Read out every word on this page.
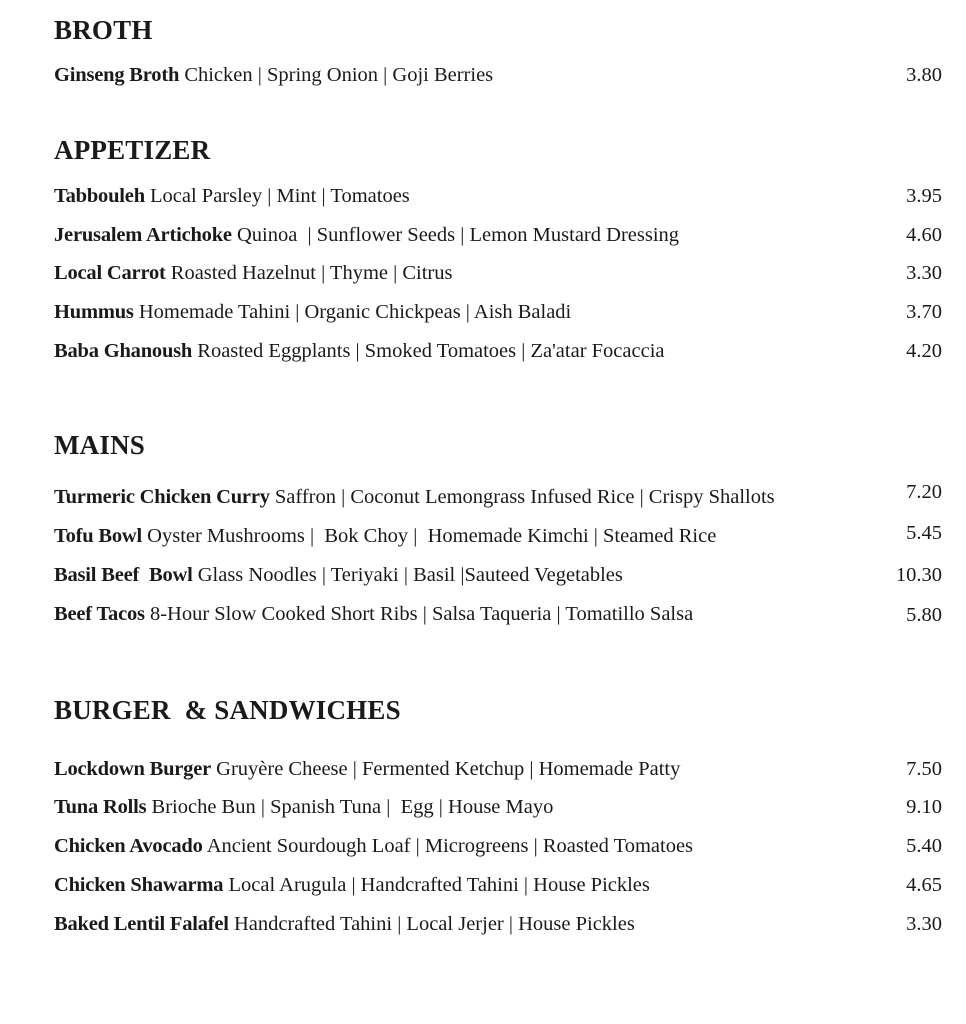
BROTH
Ginseng Broth Chicken | Spring Onion | Goji Berries	3.80
APPETIZER
Tabbouleh Local Parsley | Mint | Tomatoes	3.95
Jerusalem Artichoke Quinoa  | Sunflower Seeds | Lemon Mustard Dressing	4.60
Local Carrot Roasted Hazelnut | Thyme | Citrus	3.30
Hummus Homemade Tahini | Organic Chickpeas | Aish Baladi	3.70
Baba Ghanoush Roasted Eggplants | Smoked Tomatoes | Za'atar Focaccia	4.20
MAINS
Turmeric Chicken Curry Saffron | Coconut Lemongrass Infused Rice | Crispy Shallots	7.20
Tofu Bowl Oyster Mushrooms |  Bok Choy |  Homemade Kimchi | Steamed Rice	5.45
Basil Beef  Bowl Glass Noodles | Teriyaki | Basil |Sauteed Vegetables	10.30
Beef Tacos 8-Hour Slow Cooked Short Ribs | Salsa Taqueria | Tomatillo Salsa	5.80
BURGER  & SANDWICHES
Lockdown Burger Gruyère Cheese | Fermented Ketchup | Homemade Patty	7.50
Tuna Rolls Brioche Bun | Spanish Tuna |  Egg | House Mayo	9.10
Chicken Avocado Ancient Sourdough Loaf | Microgreens | Roasted Tomatoes	5.40
Chicken Shawarma Local Arugula | Handcrafted Tahini | House Pickles	4.65
Baked Lentil Falafel Handcrafted Tahini | Local Jerjer | House Pickles	3.30
